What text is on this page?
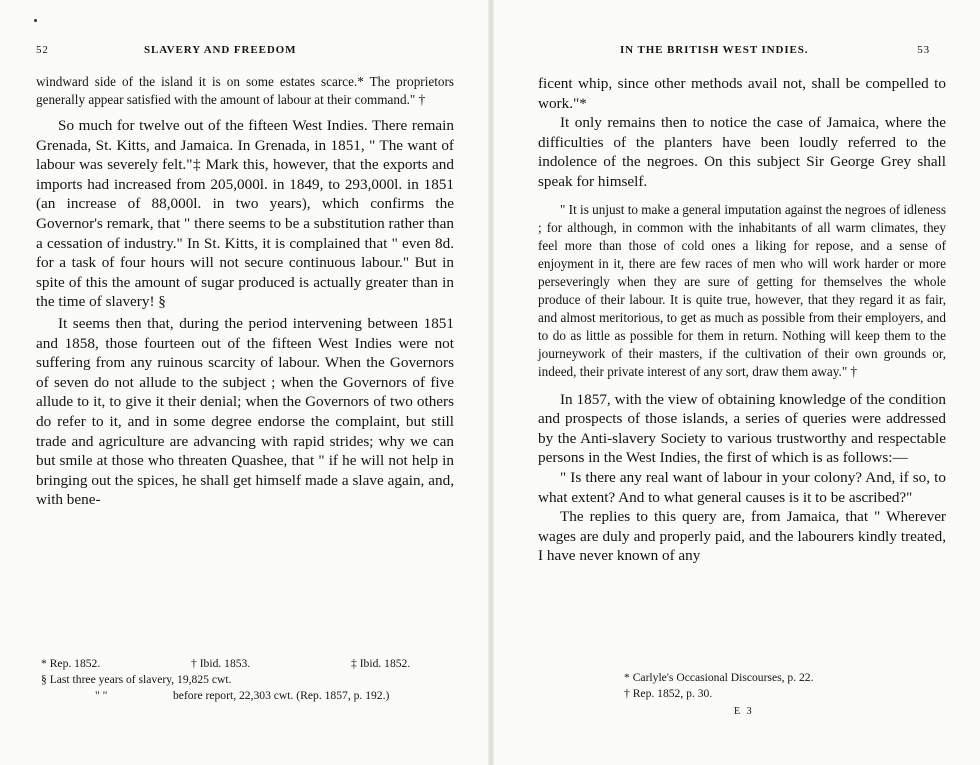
52	SLAVERY AND FREEDOM

windward side of the island it is on some estates scarce.* The proprietors generally appear satisfied with the amount of labour at their command." †

So much for twelve out of the fifteen West Indies. There remain Grenada, St. Kitts, and Jamaica. In Grenada, in 1851, " The want of labour was severely felt."‡ Mark this, however, that the exports and imports had increased from 205,000l. in 1849, to 293,000l. in 1851 (an increase of 88,000l. in two years), which confirms the Governor's remark, that " there seems to be a substitution rather than a cessation of industry." In St. Kitts, it is complained that " even 8d. for a task of four hours will not secure continuous labour." But in spite of this the amount of sugar produced is actually greater than in the time of slavery! §

It seems then that, during the period intervening between 1851 and 1858, those fourteen out of the fifteen West Indies were not suffering from any ruinous scarcity of labour. When the Governors of seven do not allude to the subject ; when the Governors of five allude to it, to give it their denial; when the Governors of two others do refer to it, and in some degree endorse the complaint, but still trade and agriculture are advancing with rapid strides; why we can but smile at those who threaten Quashee, that " if he will not help in bringing out the spices, he shall get himself made a slave again, and, with bene-

* Rep. 1852.	† Ibid. 1853.	‡ Ibid. 1852.
§ Last three years of slavery, 19,825 cwt.
" "	before report, 22,303 cwt. (Rep. 1857, p. 192.)
IN THE BRITISH WEST INDIES.	53

ficent whip, since other methods avail not, shall be compelled to work."*

It only remains then to notice the case of Jamaica, where the difficulties of the planters have been loudly referred to the indolence of the negroes. On this subject Sir George Grey shall speak for himself.

" It is unjust to make a general imputation against the negroes of idleness ; for although, in common with the inhabitants of all warm climates, they feel more than those of cold ones a liking for repose, and a sense of enjoyment in it, there are few races of men who will work harder or more perseveringly when they are sure of getting for themselves the whole produce of their labour. It is quite true, however, that they regard it as fair, and almost meritorious, to get as much as possible from their employers, and to do as little as possible for them in return. Nothing will keep them to the journeywork of their masters, if the cultivation of their own grounds or, indeed, their private interest of any sort, draw them away." †

In 1857, with the view of obtaining knowledge of the condition and prospects of those islands, a series of queries were addressed by the Anti-slavery Society to various trustworthy and respectable persons in the West Indies, the first of which is as follows:—

" Is there any real want of labour in your colony? And, if so, to what extent? And to what general causes is it to be ascribed?"

The replies to this query are, from Jamaica, that " Wherever wages are duly and properly paid, and the labourers kindly treated, I have never known of any

* Carlyle's Occasional Discourses, p. 22.
† Rep. 1852, p. 30.
E 3
